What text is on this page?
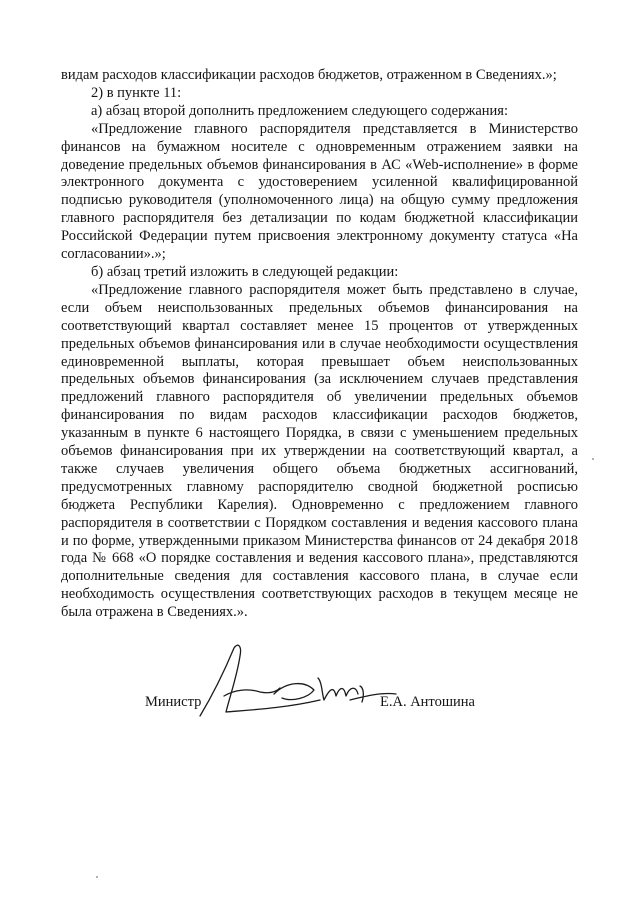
видам расходов классификации расходов бюджетов, отраженном в Сведениях.»;

2) в пункте 11:

а) абзац второй дополнить предложением следующего содержания:

«Предложение главного распорядителя представляется в Министерство финансов на бумажном носителе с одновременным отражением заявки на доведение предельных объемов финансирования в АС «Web-исполнение» в форме электронного документа с удостоверением усиленной квалифицированной подписью руководителя (уполномоченного лица) на общую сумму предложения главного распорядителя без детализации по кодам бюджетной классификации Российской Федерации путем присвоения электронному документу статуса «На согласовании».»;

б) абзац третий изложить в следующей редакции:

«Предложение главного распорядителя может быть представлено в случае, если объем неиспользованных предельных объемов финансирования на соответствующий квартал составляет менее 15 процентов от утвержденных предельных объемов финансирования или в случае необходимости осуществления единовременной выплаты, которая превышает объем неиспользованных предельных объемов финансирования (за исключением случаев представления предложений главного распорядителя об увеличении предельных объемов финансирования по видам расходов классификации расходов бюджетов, указанным в пункте 6 настоящего Порядка, в связи с уменьшением предельных объемов финансирования при их утверждении на соответствующий квартал, а также случаев увеличения общего объема бюджетных ассигнований, предусмотренных главному распорядителю сводной бюджетной росписью бюджета Республики Карелия). Одновременно с предложением главного распорядителя в соответствии с Порядком составления и ведения кассового плана и по форме, утвержденными приказом Министерства финансов от 24 декабря 2018 года № 668 «О порядке составления и ведения кассового плана», представляются дополнительные сведения для составления кассового плана, в случае если необходимость осуществления соответствующих расходов в текущем месяце не была отражена в Сведениях.».

Министр	Е.А. Антошина
